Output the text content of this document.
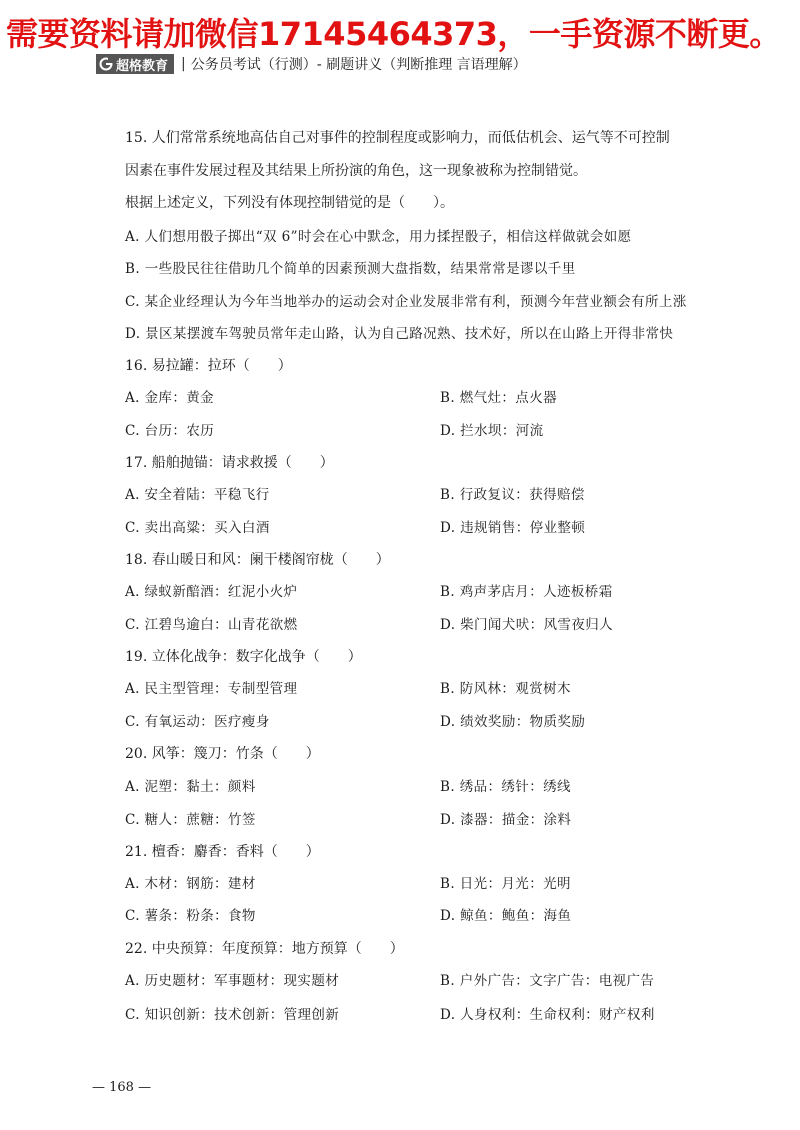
需要资料请加微信17145464373，一手资源不断更。
超格教育 | 公务员考试（行测）- 刷题讲义（判断推理 言语理解）
15. 人们常常系统地高估自己对事件的控制程度或影响力，而低估机会、运气等不可控制
因素在事件发展过程及其结果上所扮演的角色，这一现象被称为控制错觉。
根据上述定义，下列没有体现控制错觉的是（　　）。
A. 人们想用骰子掷出“双 6”时会在心中默念，用力揉捏骰子，相信这样做就会如愿
B. 一些股民往往借助几个简单的因素预测大盘指数，结果常常是谬以千里
C. 某企业经理认为今年当地举办的运动会对企业发展非常有利，预测今年营业额会有所上涨
D. 景区某摆渡车驾驶员常年走山路，认为自己路况熟、技术好，所以在山路上开得非常快
16. 易拉罐：拉环（　　）
A. 金库：黄金	B. 燃气灶：点火器
C. 台历：农历	D. 拦水坝：河流
17. 船舶抛锚：请求救援（　　）
A. 安全着陆：平稳飞行	B. 行政复议：获得赔偿
C. 卖出高粱：买入白酒	D. 违规销售：停业整顿
18. 春山暖日和风：阑干楼阁帘栊（　　）
A. 绿蚁新醅酒：红泥小火炉	B. 鸡声茅店月：人迹板桥霜
C. 江碧鸟逾白：山青花欲燃	D. 柴门闻犬吠：风雪夜归人
19. 立体化战争：数字化战争（　　）
A. 民主型管理：专制型管理	B. 防风林：观赏树木
C. 有氧运动：医疗瘦身	D. 绩效奖励：物质奖励
20. 风筝：篾刀：竹条（　　）
A. 泥塑：黏土：颜料	B. 绣品：绣针：绣线
C. 糖人：蔗糖：竹签	D. 漆器：描金：涂料
21. 檀香：麝香：香料（　　）
A. 木材：钢筋：建材	B. 日光：月光：光明
C. 薯条：粉条：食物	D. 鲸鱼：鲍鱼：海鱼
22. 中央预算：年度预算：地方预算（　　）
A. 历史题材：军事题材：现实题材	B. 户外广告：文字广告：电视广告
C. 知识创新：技术创新：管理创新	D. 人身权利：生命权利：财产权利
— 168 —
